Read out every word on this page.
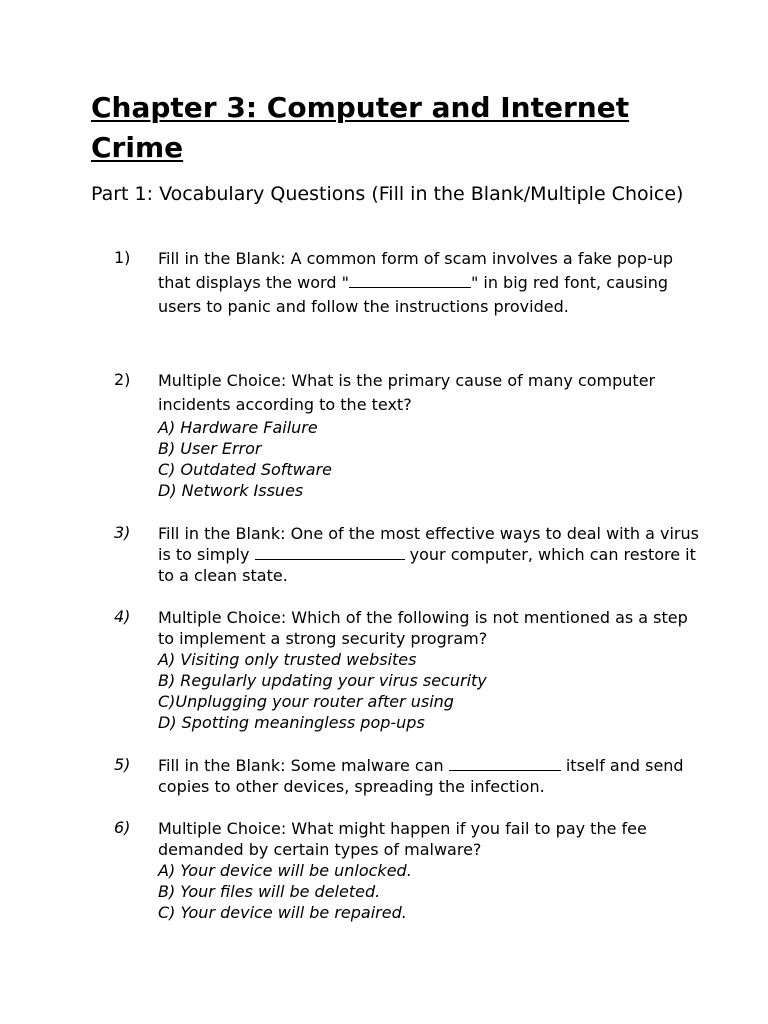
Chapter 3: Computer and Internet Crime
Part 1: Vocabulary Questions (Fill in the Blank/Multiple Choice)
1) Fill in the Blank: A common form of scam involves a fake pop-up that displays the word "	" in big red font, causing users to panic and follow the instructions provided.
2) Multiple Choice: What is the primary cause of many computer incidents according to the text?
A) Hardware Failure
B) User Error
C) Outdated Software
D) Network Issues
3) Fill in the Blank: One of the most effective ways to deal with a virus is to simply	your computer, which can restore it to a clean state.
4) Multiple Choice: Which of the following is not mentioned as a step to implement a strong security program?
A) Visiting only trusted websites
B) Regularly updating your virus security
C)Unplugging your router after using
D) Spotting meaningless pop-ups
5) Fill in the Blank: Some malware can	itself and send copies to other devices, spreading the infection.
6) Multiple Choice: What might happen if you fail to pay the fee demanded by certain types of malware?
A) Your device will be unlocked.
B) Your files will be deleted.
C) Your device will be repaired.
